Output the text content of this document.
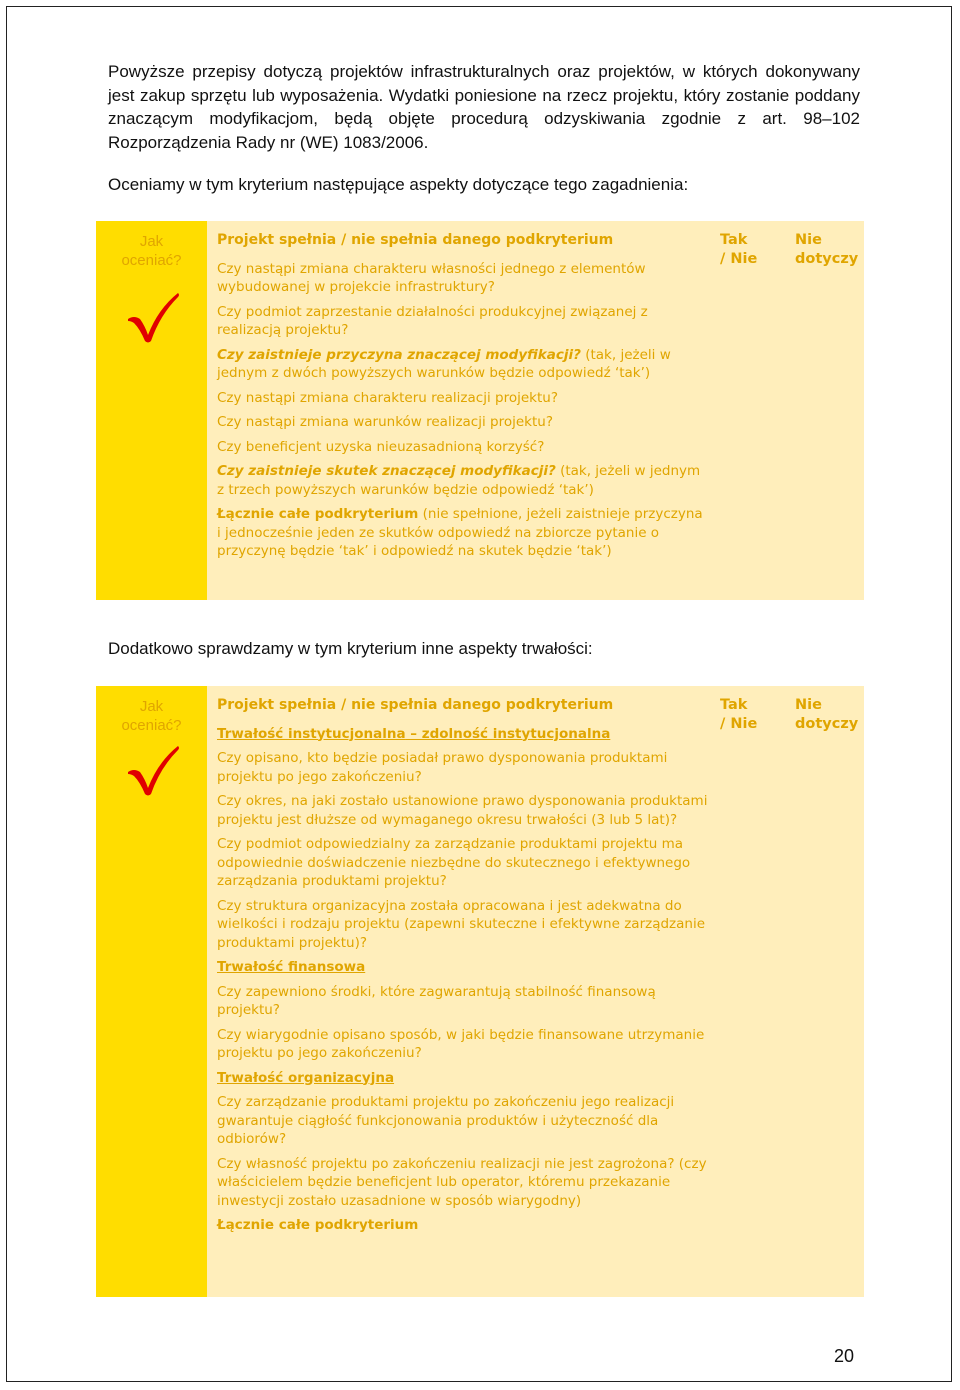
Powyższe przepisy dotyczą projektów infrastrukturalnych oraz projektów, w których dokonywany jest zakup sprzętu lub wyposażenia. Wydatki poniesione na rzecz projektu, który zostanie poddany znaczącym modyfikacjom, będą objęte procedurą odzyskiwania zgodnie z art. 98–102 Rozporządzenia Rady nr (WE) 1083/2006.

Oceniamy w tym kryterium następujące aspekty dotyczące tego zagadnienia:

Jak
oceniać?
Projekt spełnia / nie spełnia danego podkryterium
Czy nastąpi zmiana charakteru własności jednego z elementów wybudowanej w projekcie infrastruktury?
Czy podmiot zaprzestanie działalności produkcyjnej związanej z realizacją projektu?
Czy zaistnieje przyczyna znaczącej modyfikacji? (tak, jeżeli w jednym z dwóch powyższych warunków będzie odpowiedź ‘tak’)
Czy nastąpi zmiana charakteru realizacji projektu?
Czy nastąpi zmiana warunków realizacji projektu?
Czy beneficjent uzyska nieuzasadnioną korzyść?
Czy zaistnieje skutek znaczącej modyfikacji? (tak, jeżeli w jednym z trzech powyższych warunków będzie odpowiedź ‘tak’)
Łącznie całe podkryterium (nie spełnione, jeżeli zaistnieje przyczyna i jednocześnie jeden ze skutków odpowiedź na zbiorcze pytanie o przyczynę będzie ‘tak’ i odpowiedź na skutek będzie ‘tak’)
Tak
/ Nie
Nie
dotyczy

Dodatkowo sprawdzamy w tym kryterium inne aspekty trwałości:

Jak
oceniać?
Projekt spełnia / nie spełnia danego podkryterium
Trwałość instytucjonalna – zdolność instytucjonalna
Czy opisano, kto będzie posiadał prawo dysponowania produktami projektu po jego zakończeniu?
Czy okres, na jaki zostało ustanowione prawo dysponowania produktami projektu jest dłuższe od wymaganego okresu trwałości (3 lub 5 lat)?
Czy podmiot odpowiedzialny za zarządzanie produktami projektu ma odpowiednie doświadczenie niezbędne do skutecznego i efektywnego zarządzania produktami projektu?
Czy struktura organizacyjna została opracowana i jest adekwatna do wielkości i rodzaju projektu (zapewni skuteczne i efektywne zarządzanie produktami projektu)?
Trwałość finansowa
Czy zapewniono środki, które zagwarantują stabilność finansową projektu?
Czy wiarygodnie opisano sposób, w jaki będzie finansowane utrzymanie projektu po jego zakończeniu?
Trwałość organizacyjna
Czy zarządzanie produktami projektu po zakończeniu jego realizacji gwarantuje ciągłość funkcjonowania produktów i użyteczność dla odbiorów?
Czy własność projektu po zakończeniu realizacji nie jest zagrożona? (czy właścicielem będzie beneficjent lub operator, któremu przekazanie inwestycji zostało uzasadnione w sposób wiarygodny)
Łącznie całe podkryterium
Tak
/ Nie
Nie
dotyczy
20
